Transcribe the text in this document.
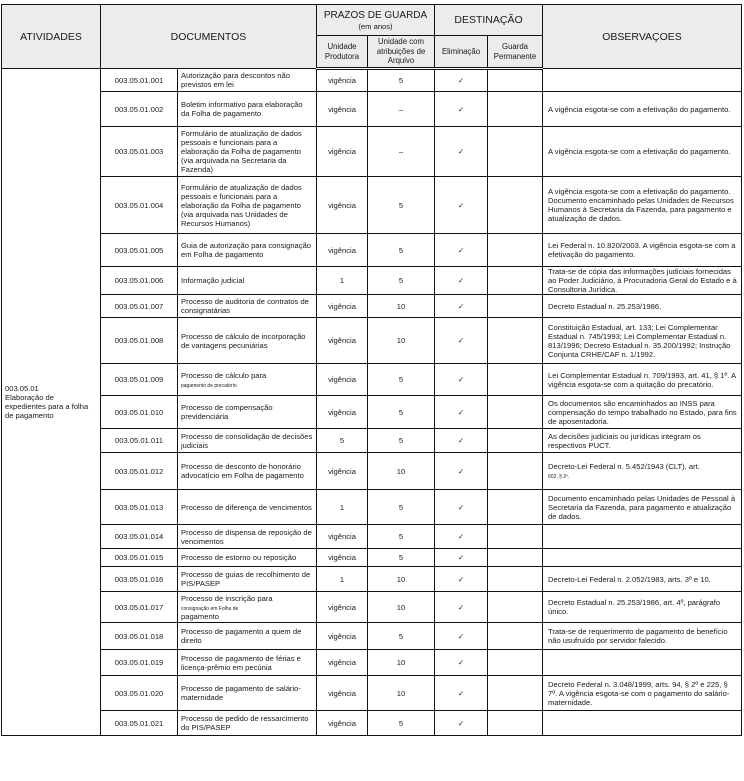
ATIVIDADES	DOCUMENTOS		PRAZOS DE GUARDA
(em anos)		DESTINAÇÃO		OBSERVAÇOES
			Unidade Produtora	Unidade com atribuições de Arquivo	Eliminação	Guarda Permanente	

003.05.01
Elaboração de expedientes para a folha de pagamento	003.05.01.001	Autorização para descontos não previstos em lei	vigência	5	✓		
	003.05.01.002	Boletim informativo para elaboração da Folha de pagamento	vigência	–	✓		A vigência esgota-se com a efetivação do pagamento.
	003.05.01.003	Formulário de atualização de dados pessoais e funcionais para a elaboração da Folha de pagamento (via arquivada na Secretaria da Fazenda)	vigência	–	✓		A vigência esgota-se com a efetivação do pagamento.
	003.05.01.004	Formulário de atualização de dados pessoais e funcionais para a elaboração da Folha de pagamento (via arquivada nas Unidades de Recursos Humanos)	vigência	5	✓		A vigência esgota-se com a efetivação do pagamento. Documento encaminhado pelas Unidades de Recursos Humanos à Secretaria da Fazenda, para pagamento e atualização de dados.
	003.05.01.005	Guia de autorização para consignação em Folha de pagamento	vigência	5	✓		Lei Federal n. 10.820/2003. A vigência esgota-se com a efetivação do pagamento.
	003.05.01.006	Informação judicial	1	5	✓		Trata-se de cópia das informações judiciais fornecidas ao Poder Judiciário, à Procuradoria Geral do Estado e à Consultoria Jurídica.
	003.05.01.007	Processo de auditoria de contratos de consignatárias	vigência	10	✓		Decreto Estadual n. 25.253/1986.
	003.05.01.008	Processo de cálculo de incorporação de vantagens pecuniárias	vigência	10	✓		Constituição Estadual, art. 133; Lei Complementar Estadual n. 745/1993; Lei Complementar Estadual n. 813/1996; Decreto Estadual n. 35.200/1992; Instrução Conjunta CRHE/CAF n. 1/1992.
	003.05.01.009	Processo de cálculo para
pagamento de precatório	vigência	5	✓		Lei Complementar Estadual n. 709/1993, art. 41, § 1º. A vigência esgota-se com a quitação do precatório.
	003.05.01.010	Processo de compensação previdenciária	vigência	5	✓		Os documentos são encaminhados ao INSS para compensação do tempo trabalhado no Estado, para fins de aposentadoria.
	003.05.01.011	Processo de consolidação de decisões judiciais	5	5	✓		As decisões judiciais ou jurídicas integram os respectivos PUCT.
	003.05.01.012	Processo de desconto de honorário advocatício em Folha de pagamento	vigência	10	✓		Decreto-Lei Federal n. 5.452/1943 (CLT), art.
602, § 2º.
	003.05.01.013	Processo de diferença de vencimentos	1	5	✓		Documento encaminhado pelas Unidades de Pessoal à Secretaria da Fazenda, para pagamento e atualização de dados.
	003.05.01.014	Processo de dispensa de reposição de vencimentos	vigência	5	✓		
	003.05.01.015	Processo de estorno ou reposição	vigência	5	✓		
	003.05.01.016	Processo de guias de recolhimento de PIS/PASEP	1	10	✓		Decreto-Lei Federal n. 2.052/1983, arts. 3º e 10.
	003.05.01.017	Processo de inscrição para
consignação em Folha de
pagamento	vigência	10	✓		Decreto Estadual n. 25.253/1986, art. 4º, parágrafo único.
	003.05.01.018	Processo de pagamento a quem de direito	vigência	5	✓		Trata-se de requerimento de pagamento de benefício não usufruído por servidor falecido.
	003.05.01.019	Processo de pagamento de férias e licença-prêmio em pecúnia	vigência	10	✓		
	003.05.01.020	Processo de pagamento de salário-maternidade	vigência	10	✓		Decreto Federal n. 3.048/1999, arts. 94, § 2º e 225, § 7º. A vigência esgota-se com o pagamento do salário-maternidade.
	003.05.01.021	Processo de pedido de ressarcimento do PIS/PASEP	vigência	5	✓		
